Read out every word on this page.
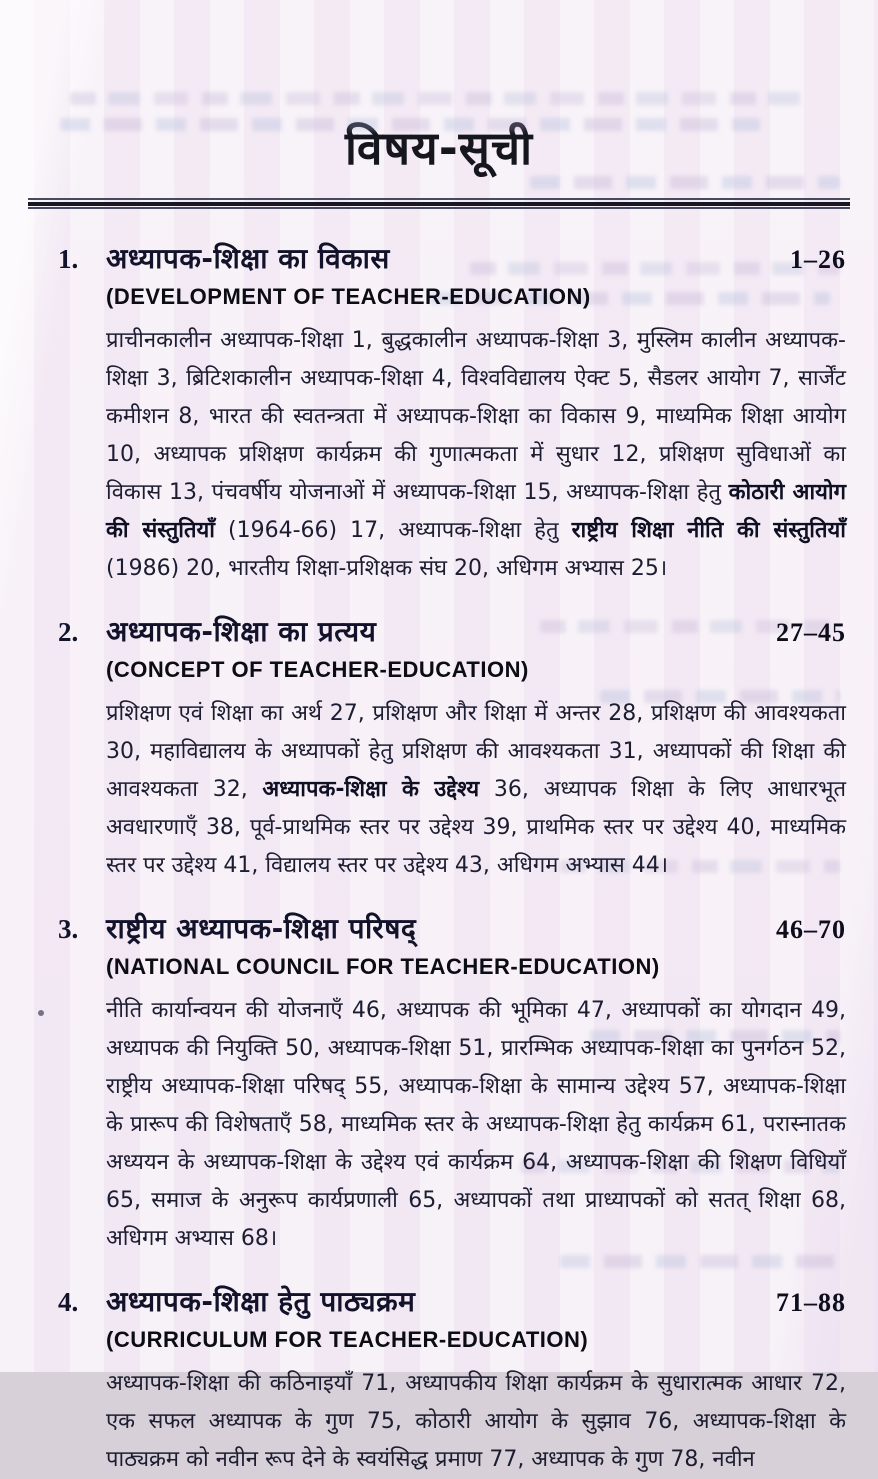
विषय-सूची
1. अध्यापक-शिक्षा का विकास	1–26
(DEVELOPMENT OF TEACHER-EDUCATION)

प्राचीनकालीन अध्यापक-शिक्षा 1, बुद्धकालीन अध्यापक-शिक्षा 3, मुस्लिम कालीन अध्यापक-शिक्षा 3, ब्रिटिशकालीन अध्यापक-शिक्षा 4, विश्वविद्यालय ऐक्ट 5, सैडलर आयोग 7, सार्जेंट कमीशन 8, भारत की स्वतन्त्रता में अध्यापक-शिक्षा का विकास 9, माध्यमिक शिक्षा आयोग 10, अध्यापक प्रशिक्षण कार्यक्रम की गुणात्मकता में सुधार 12, प्रशिक्षण सुविधाओं का विकास 13, पंचवर्षीय योजनाओं में अध्यापक-शिक्षा 15, अध्यापक-शिक्षा हेतु कोठारी आयोग की संस्तुतियाँ (1964-66) 17, अध्यापक-शिक्षा हेतु राष्ट्रीय शिक्षा नीति की संस्तुतियाँ (1986) 20, भारतीय शिक्षा-प्रशिक्षक संघ 20, अधिगम अभ्यास 25।

2. अध्यापक-शिक्षा का प्रत्यय	27–45
(CONCEPT OF TEACHER-EDUCATION)

प्रशिक्षण एवं शिक्षा का अर्थ 27, प्रशिक्षण और शिक्षा में अन्तर 28, प्रशिक्षण की आवश्यकता 30, महाविद्यालय के अध्यापकों हेतु प्रशिक्षण की आवश्यकता 31, अध्यापकों की शिक्षा की आवश्यकता 32, अध्यापक-शिक्षा के उद्देश्य 36, अध्यापक शिक्षा के लिए आधारभूत अवधारणाएँ 38, पूर्व-प्राथमिक स्तर पर उद्देश्य 39, प्राथमिक स्तर पर उद्देश्य 40, माध्यमिक स्तर पर उद्देश्य 41, विद्यालय स्तर पर उद्देश्य 43, अधिगम अभ्यास 44।

3. राष्ट्रीय अध्यापक-शिक्षा परिषद्	46–70
(NATIONAL COUNCIL FOR TEACHER-EDUCATION)

नीति कार्यान्वयन की योजनाएँ 46, अध्यापक की भूमिका 47, अध्यापकों का योगदान 49, अध्यापक की नियुक्ति 50, अध्यापक-शिक्षा 51, प्रारम्भिक अध्यापक-शिक्षा का पुनर्गठन 52, राष्ट्रीय अध्यापक-शिक्षा परिषद् 55, अध्यापक-शिक्षा के सामान्य उद्देश्य 57, अध्यापक-शिक्षा के प्रारूप की विशेषताएँ 58, माध्यमिक स्तर के अध्यापक-शिक्षा हेतु कार्यक्रम 61, परास्नातक अध्ययन के अध्यापक-शिक्षा के उद्देश्य एवं कार्यक्रम 64, अध्यापक-शिक्षा की शिक्षण विधियाँ 65, समाज के अनुरूप कार्यप्रणाली 65, अध्यापकों तथा प्राध्यापकों को सतत् शिक्षा 68, अधिगम अभ्यास 68।

4. अध्यापक-शिक्षा हेतु पाठ्यक्रम	71–88
(CURRICULUM FOR TEACHER-EDUCATION)

अध्यापक-शिक्षा की कठिनाइयाँ 71, अध्यापकीय शिक्षा कार्यक्रम के सुधारात्मक आधार 72, एक सफल अध्यापक के गुण 75, कोठारी आयोग के सुझाव 76, अध्यापक-शिक्षा के पाठ्यक्रम को नवीन रूप देने के स्वयंसिद्ध प्रमाण 77, अध्यापक के गुण 78, नवीन
